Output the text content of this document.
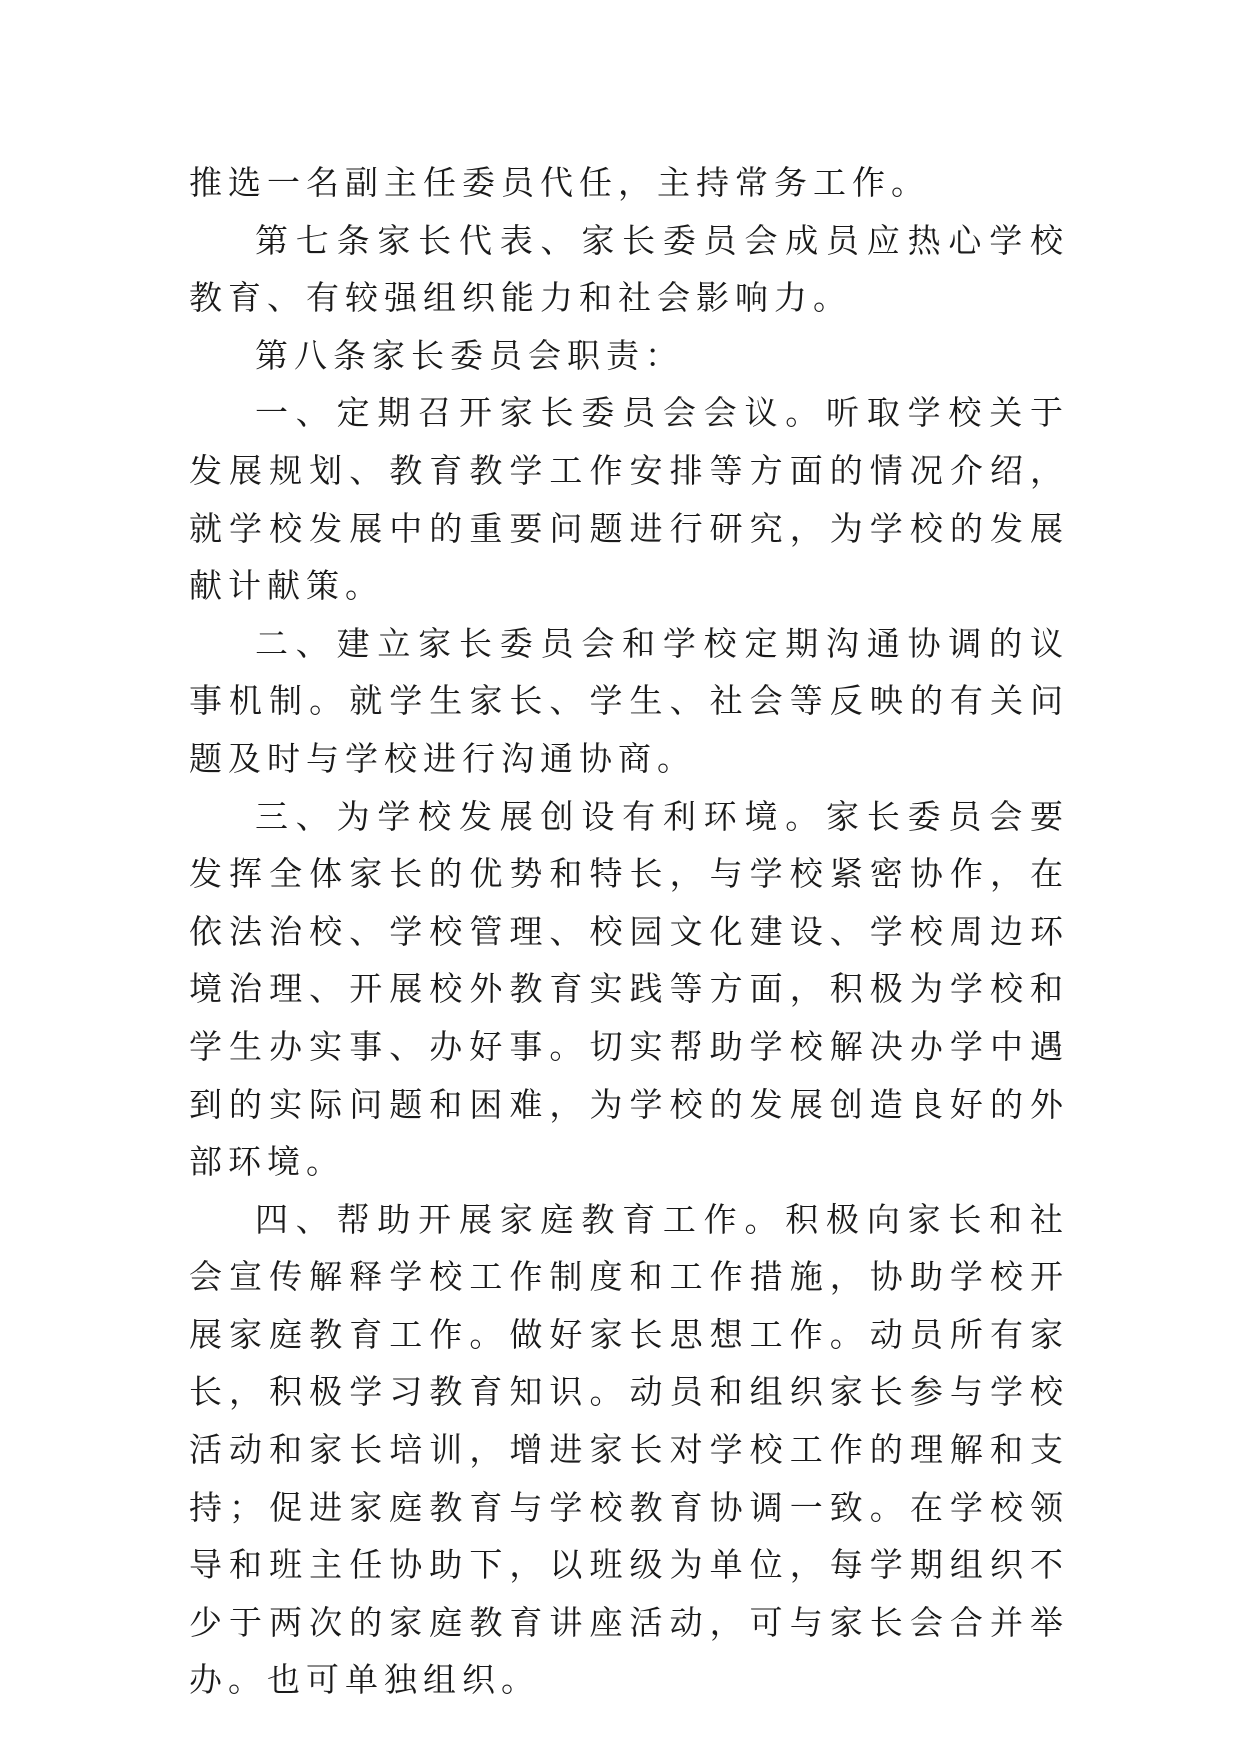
推选一名副主任委员代任，主持常务工作。

第七条家长代表、家长委员会成员应热心学校教育、有较强组织能力和社会影响力。

第八条家长委员会职责：

一、定期召开家长委员会会议。听取学校关于发展规划、教育教学工作安排等方面的情况介绍，就学校发展中的重要问题进行研究，为学校的发展献计献策。

二、建立家长委员会和学校定期沟通协调的议事机制。就学生家长、学生、社会等反映的有关问题及时与学校进行沟通协商。

三、为学校发展创设有利环境。家长委员会要发挥全体家长的优势和特长，与学校紧密协作，在依法治校、学校管理、校园文化建设、学校周边环境治理、开展校外教育实践等方面，积极为学校和学生办实事、办好事。切实帮助学校解决办学中遇到的实际问题和困难，为学校的发展创造良好的外部环境。

四、帮助开展家庭教育工作。积极向家长和社会宣传解释学校工作制度和工作措施，协助学校开展家庭教育工作。做好家长思想工作。动员所有家长，积极学习教育知识。动员和组织家长参与学校活动和家长培训，增进家长对学校工作的理解和支持；促进家庭教育与学校教育协调一致。在学校领导和班主任协助下，以班级为单位，每学期组织不少于两次的家庭教育讲座活动，可与家长会合并举办。也可单独组织。
